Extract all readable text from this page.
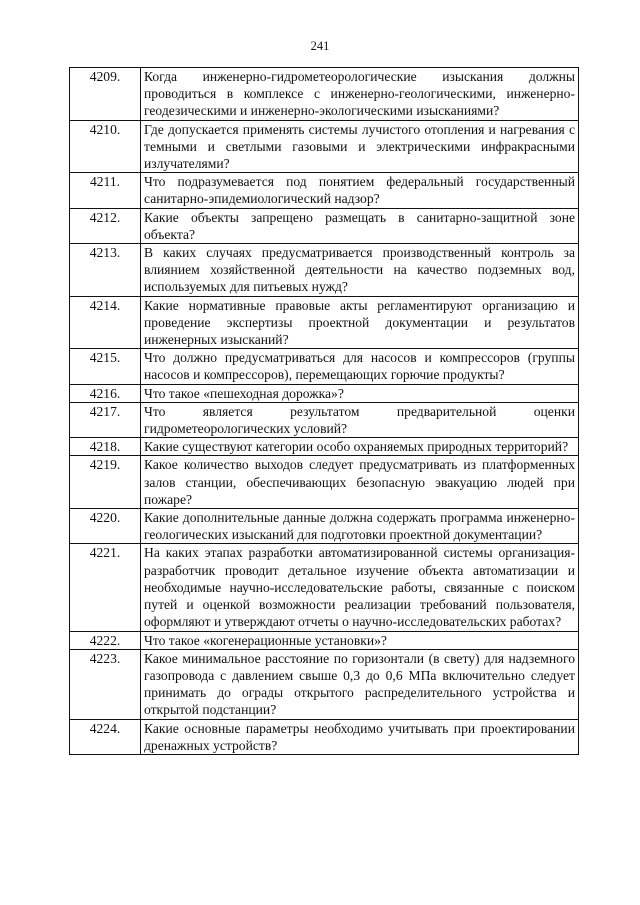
241
4209.	Когда инженерно-гидрометеорологические изыскания должны проводиться в комплексе с инженерно-геологическими, инженерно-геодезическими и инженерно-экологическими изысканиями?
4210.	Где допускается применять системы лучистого отопления и нагревания с темными и светлыми газовыми и электрическими инфракрасными излучателями?
4211.	Что подразумевается под понятием федеральный государственный санитарно-эпидемиологический надзор?
4212.	Какие объекты запрещено размещать в санитарно-защитной зоне объекта?
4213.	В каких случаях предусматривается производственный контроль за влиянием хозяйственной деятельности на качество подземных вод, используемых для питьевых нужд?
4214.	Какие нормативные правовые акты регламентируют организацию и проведение экспертизы проектной документации и результатов инженерных изысканий?
4215.	Что должно предусматриваться для насосов и компрессоров (группы насосов и компрессоров), перемещающих горючие продукты?
4216.	Что такое «пешеходная дорожка»?
4217.	Что является результатом предварительной оценки гидрометеорологических условий?
4218.	Какие существуют категории особо охраняемых природных территорий?
4219.	Какое количество выходов следует предусматривать из платформенных залов станции, обеспечивающих безопасную эвакуацию людей при пожаре?
4220.	Какие дополнительные данные должна содержать программа инженерно-геологических изысканий для подготовки проектной документации?
4221.	На каких этапах разработки автоматизированной системы организация-разработчик проводит детальное изучение объекта автоматизации и необходимые научно-исследовательские работы, связанные с поиском путей и оценкой возможности реализации требований пользователя, оформляют и утверждают отчеты о научно-исследовательских работах?
4222.	Что такое «когенерационные установки»?
4223.	Какое минимальное расстояние по горизонтали (в свету) для надземного газопровода с давлением свыше 0,3 до 0,6 МПа включительно следует принимать до ограды открытого распределительного устройства и открытой подстанции?
4224.	Какие основные параметры необходимо учитывать при проектировании дренажных устройств?
